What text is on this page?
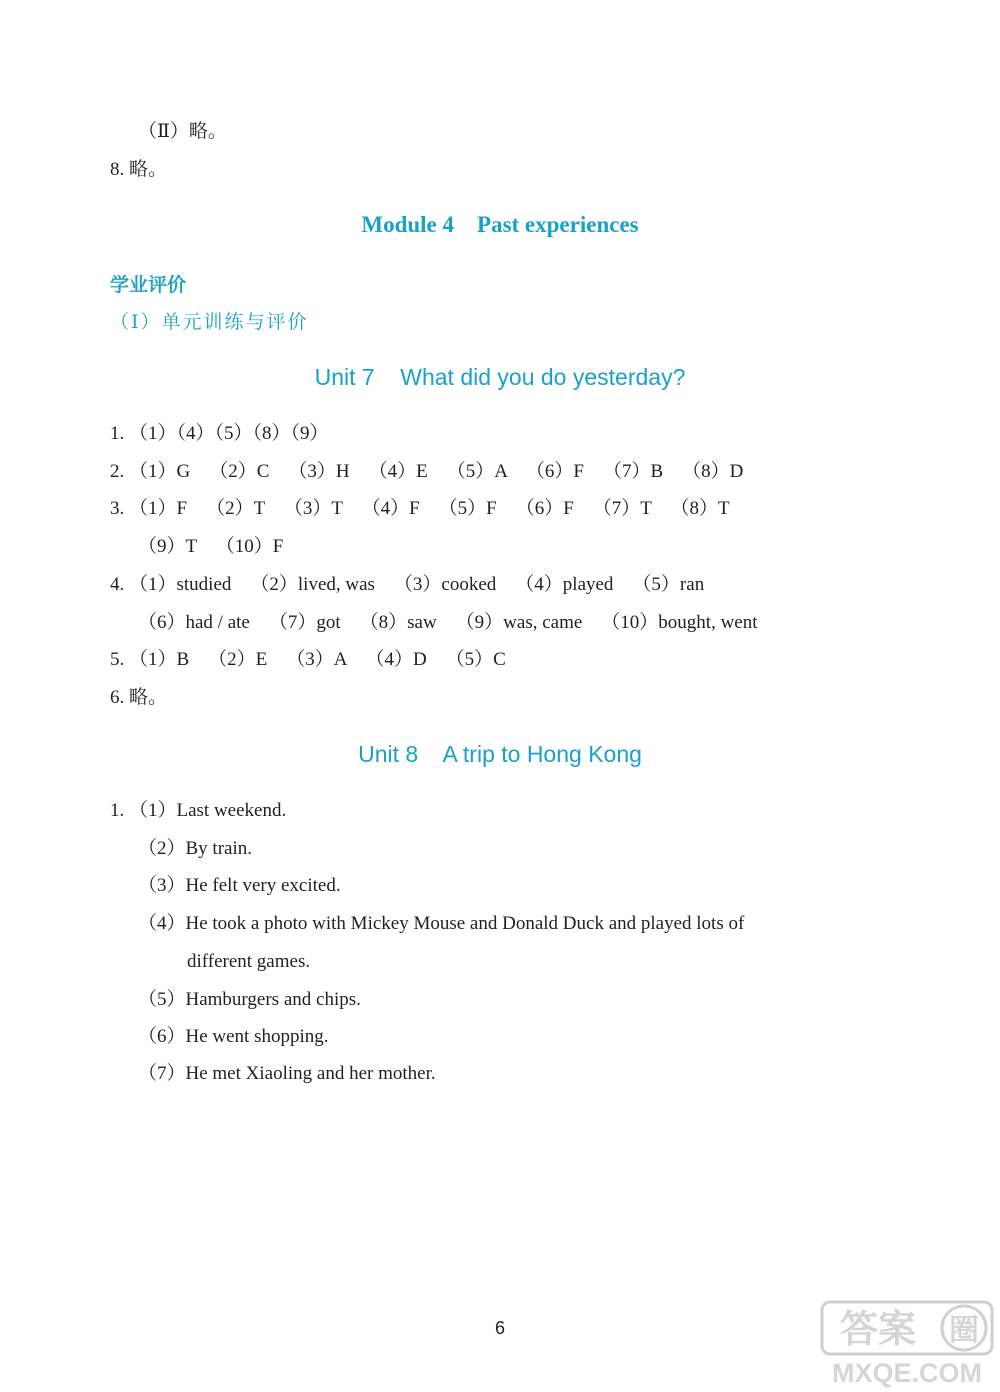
（Ⅱ）略。
8. 略。
Module 4    Past experiences
学业评价
（Ⅰ）单元训练与评价
Unit 7    What did you do yesterday?
1. （1）（4）（5）（8）（9）
2. （1）G    （2）C    （3）H    （4）E    （5）A    （6）F    （7）B    （8）D
3. （1）F    （2）T    （3）T    （4）F    （5）F    （6）F    （7）T    （8）T
（9）T    （10）F
4. （1）studied    （2）lived, was    （3）cooked    （4）played    （5）ran
（6）had / ate    （7）got    （8）saw    （9）was, came    （10）bought, went
5. （1）B    （2）E    （3）A    （4）D    （5）C
6. 略。
Unit 8    A trip to Hong Kong
1. （1）Last weekend.
（2）By train.
（3）He felt very excited.
（4）He took a photo with Mickey Mouse and Donald Duck and played lots of
different games.
（5）Hamburgers and chips.
（6）He went shopping.
（7）He met Xiaoling and her mother.
6	答案 圈
MXQE.COM
